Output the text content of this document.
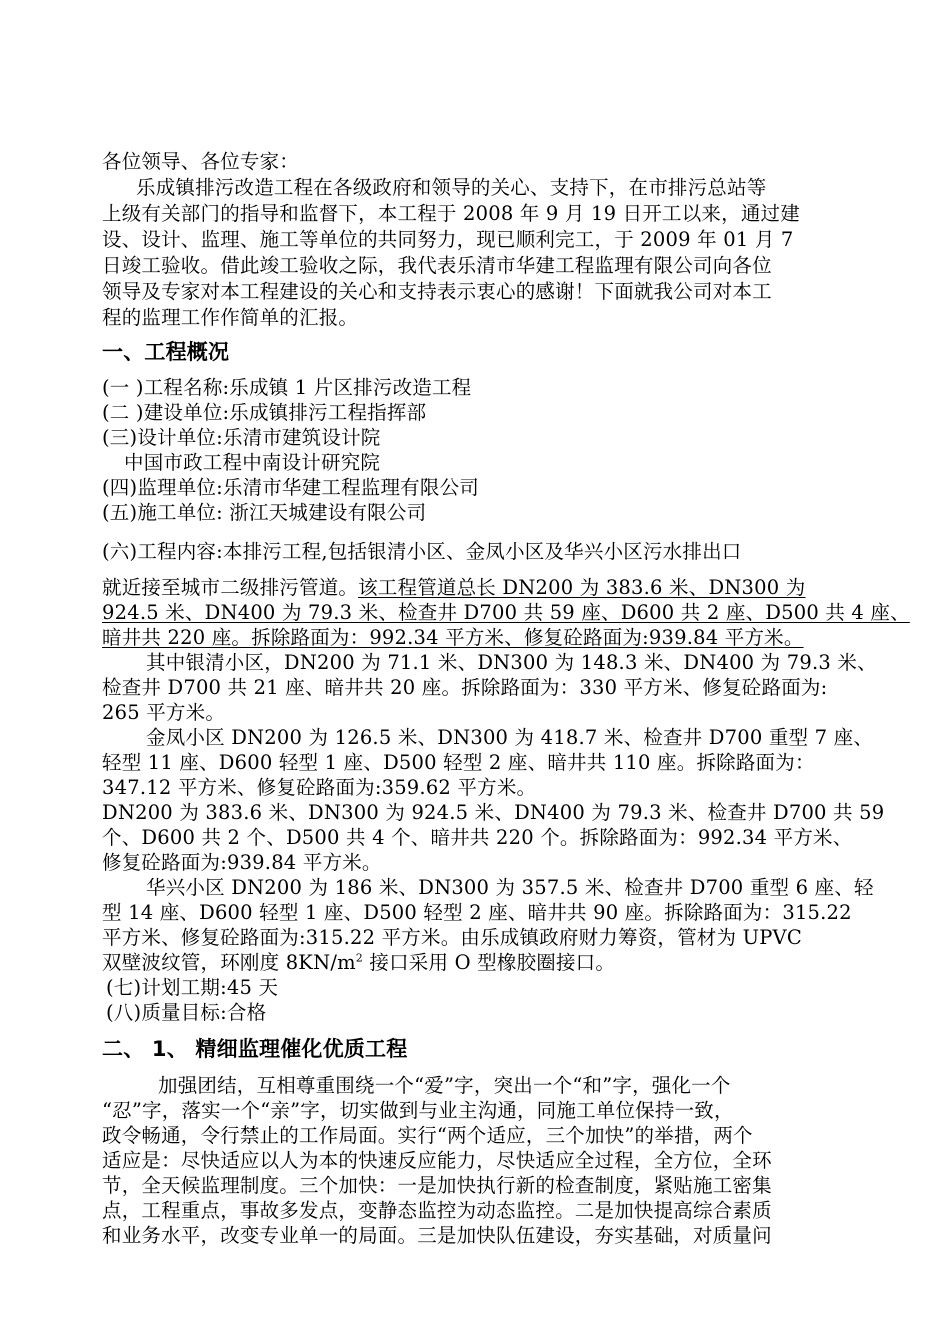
各位领导、各位专家：
乐成镇排污改造工程在各级政府和领导的关心、支持下，在市排污总站等
上级有关部门的指导和监督下，本工程于 2008 年 9 月 19 日开工以来，通过建
设、设计、监理、施工等单位的共同努力，现已顺利完工，于 2009 年 01 月 7
日竣工验收。借此竣工验收之际，我代表乐清市华建工程监理有限公司向各位
领导及专家对本工程建设的关心和支持表示衷心的感谢！下面就我公司对本工
程的监理工作作简单的汇报。
一、工程概况
(一 )工程名称:乐成镇 1 片区排污改造工程
(二 )建设单位:乐成镇排污工程指挥部
(三)设计单位:乐清市建筑设计院
中国市政工程中南设计研究院
(四)监理单位:乐清市华建工程监理有限公司
(五)施工单位: 浙江天城建设有限公司
(六)工程内容:本排污工程,包括银清小区、金凤小区及华兴小区污水排出口
就近接至城市二级排污管道。该工程管道总长 DN200 为 383.6 米、DN300 为
924.5 米、DN400 为 79.3 米、检查井 D700 共 59 座、D600 共 2 座、D500 共 4 座、
暗井共 220 座。拆除路面为：992.34 平方米、修复砼路面为:939.84 平方米。
其中银清小区，DN200 为 71.1 米、DN300 为 148.3 米、DN400 为 79.3 米、
检查井 D700 共 21 座、暗井共 20 座。拆除路面为：330 平方米、修复砼路面为:
265 平方米。
金凤小区 DN200 为 126.5 米、DN300 为 418.7 米、检查井 D700 重型 7 座、
轻型 11 座、D600 轻型 1 座、D500 轻型 2 座、暗井共 110 座。拆除路面为：
347.12 平方米、修复砼路面为:359.62 平方米。
DN200 为 383.6 米、DN300 为 924.5 米、DN400 为 79.3 米、检查井 D700 共 59
个、D600 共 2 个、D500 共 4 个、暗井共 220 个。拆除路面为：992.34 平方米、
修复砼路面为:939.84 平方米。
华兴小区 DN200 为 186 米、DN300 为 357.5 米、检查井 D700 重型 6 座、轻
型 14 座、D600 轻型 1 座、D500 轻型 2 座、暗井共 90 座。拆除路面为：315.22
平方米、修复砼路面为:315.22 平方米。由乐成镇政府财力筹资，管材为 UPVC
双壁波纹管，环刚度 $8KN/m^2$ 接口采用 O 型橡胶圈接口。
(七)计划工期:45 天
(八)质量目标:合格
二、 1、 精细监理催化优质工程
加强团结，互相尊重围绕一个“爱”字，突出一个“和”字，强化一个
“忍”字，落实一个“亲”字，切实做到与业主沟通，同施工单位保持一致，
政令畅通，令行禁止的工作局面。实行“两个适应，三个加快”的举措，两个
适应是：尽快适应以人为本的快速反应能力，尽快适应全过程，全方位，全环
节，全天候监理制度。三个加快：一是加快执行新的检查制度，紧贴施工密集
点，工程重点，事故多发点，变静态监控为动态监控。二是加快提高综合素质
和业务水平，改变专业单一的局面。三是加快队伍建设，夯实基础，对质量问
